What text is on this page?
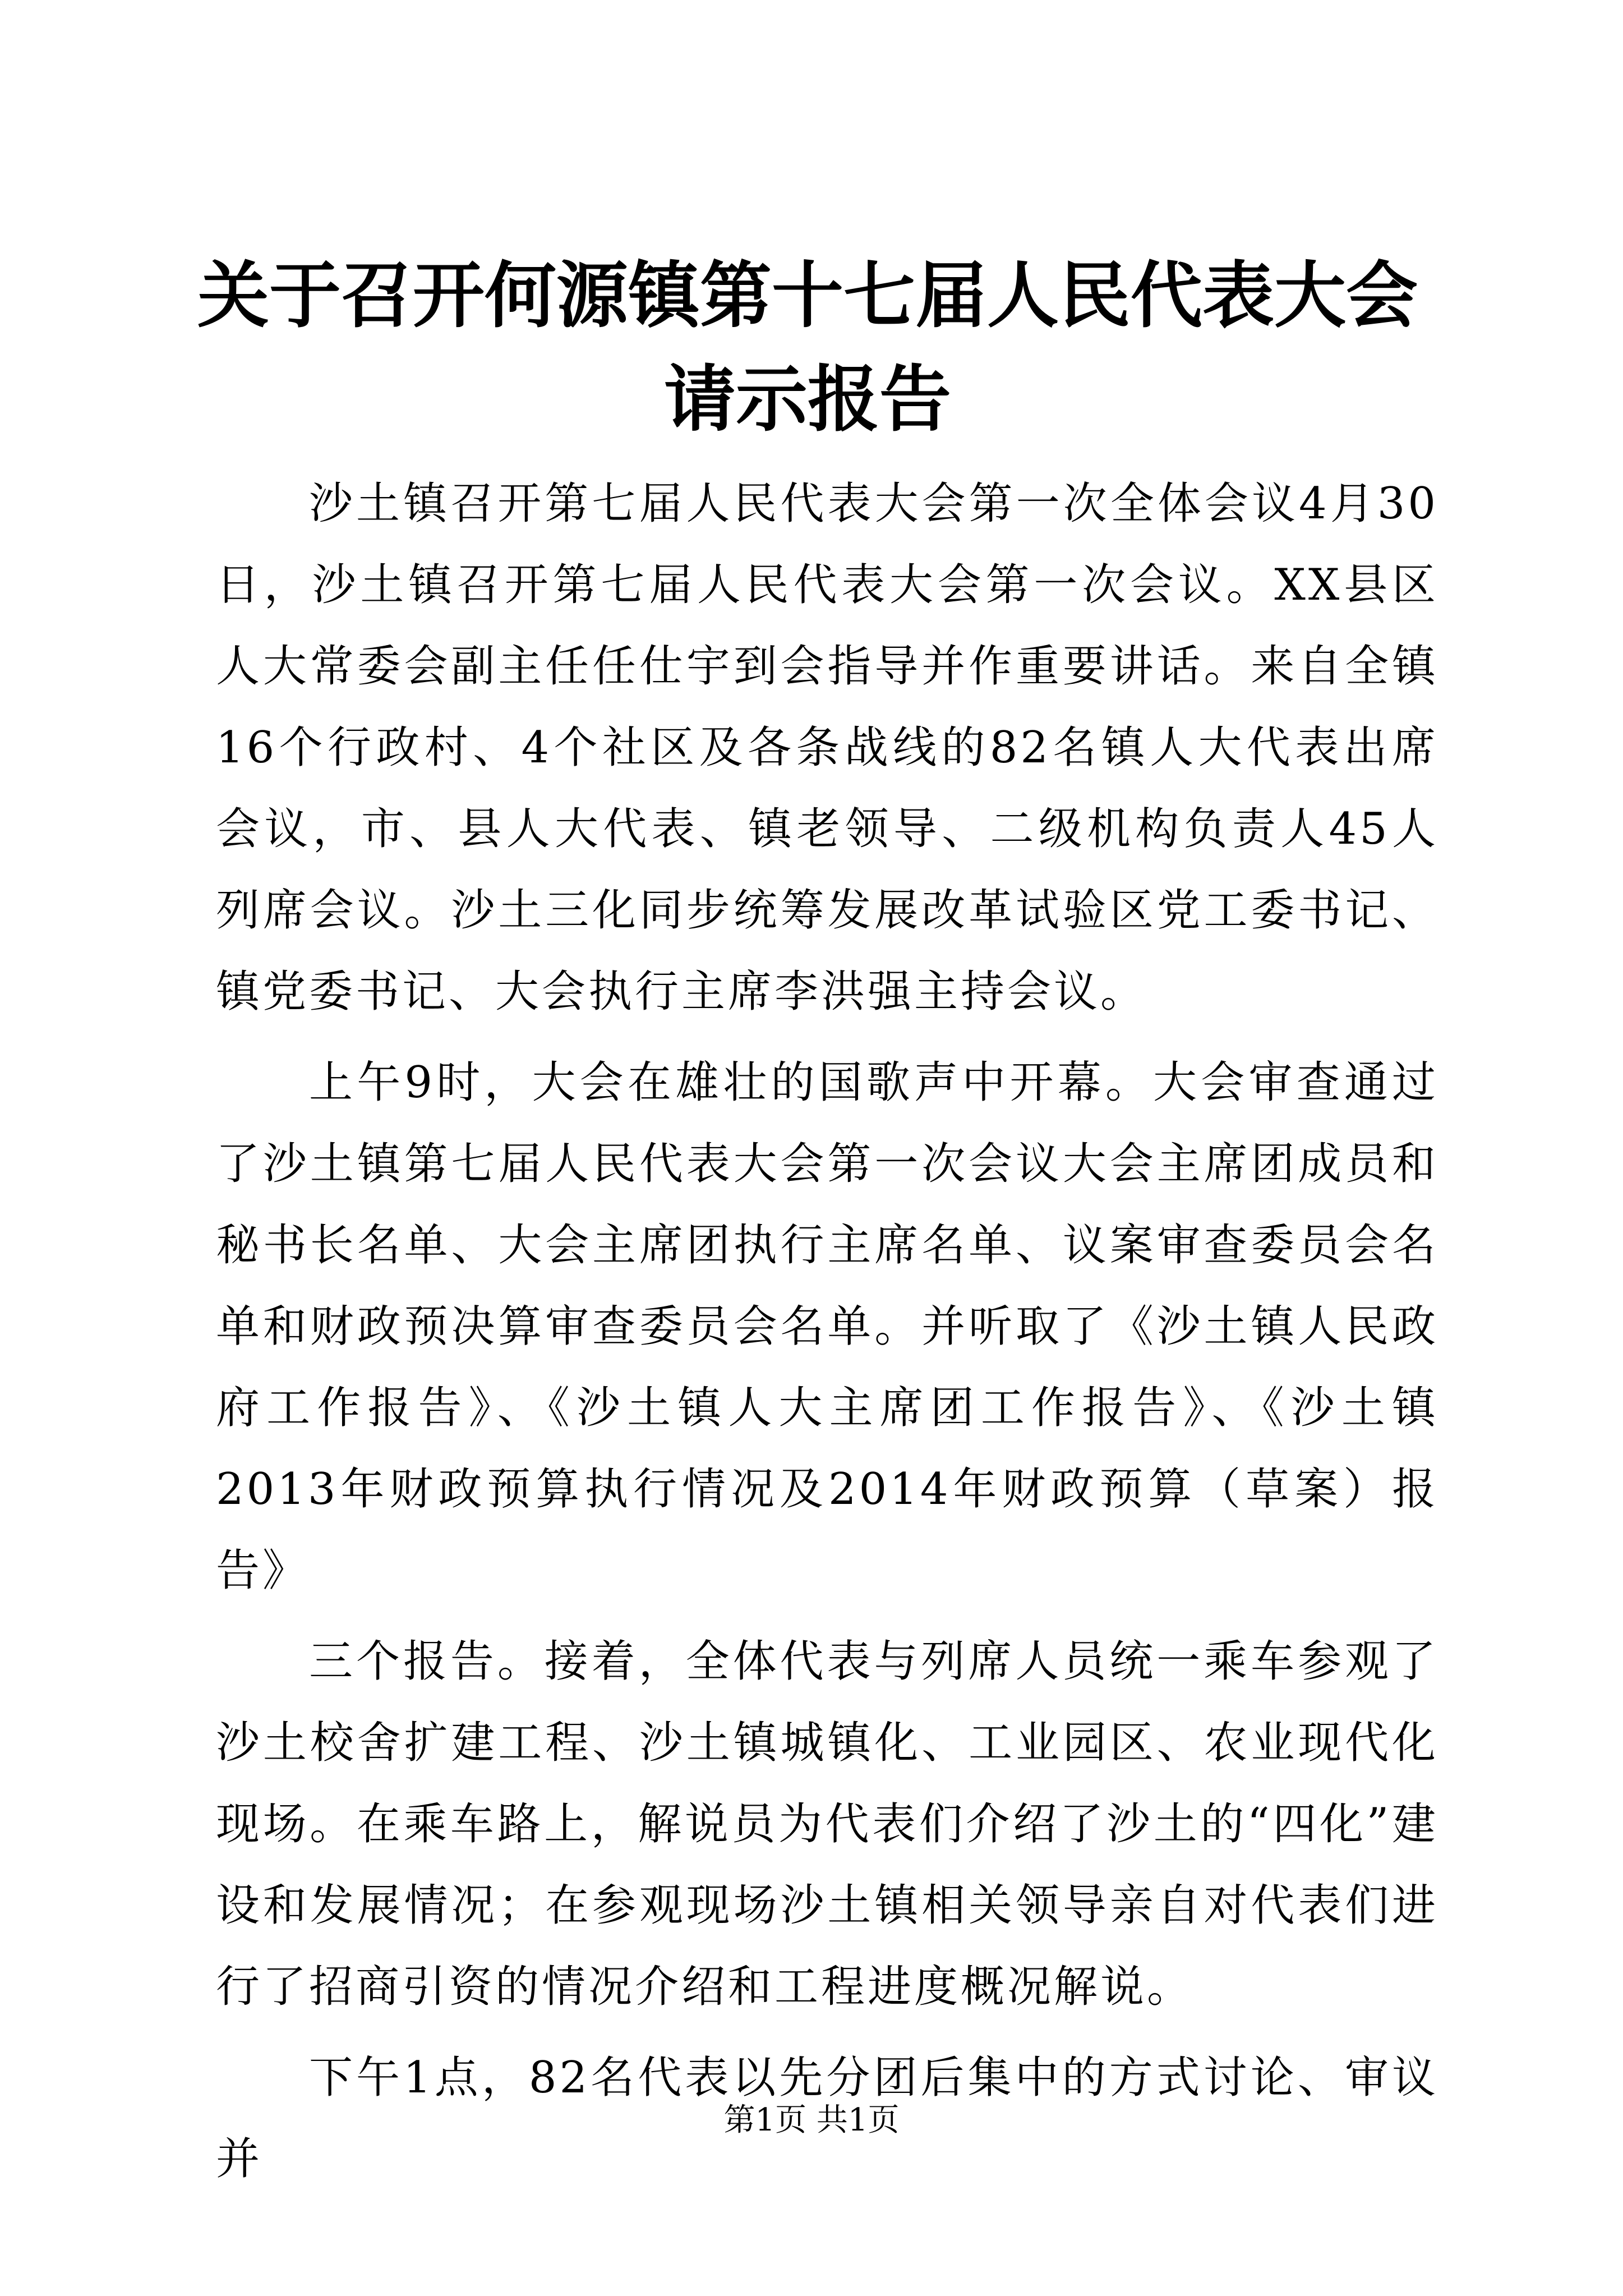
关于召开何源镇第十七届人民代表大会请示报告

沙土镇召开第七届人民代表大会第一次全体会议4月30日，沙土镇召开第七届人民代表大会第一次会议。XX县区人大常委会副主任任仕宇到会指导并作重要讲话。来自全镇16个行政村、4个社区及各条战线的82名镇人大代表出席会议，市、县人大代表、镇老领导、二级机构负责人45人列席会议。沙土三化同步统筹发展改革试验区党工委书记、镇党委书记、大会执行主席李洪强主持会议。

上午9时，大会在雄壮的国歌声中开幕。大会审查通过了沙土镇第七届人民代表大会第一次会议大会主席团成员和秘书长名单、大会主席团执行主席名单、议案审查委员会名单和财政预决算审查委员会名单。并听取了《沙土镇人民政府工作报告》、《沙土镇人大主席团工作报告》、《沙土镇2013年财政预算执行情况及2014年财政预算（草案）报告》

三个报告。接着，全体代表与列席人员统一乘车参观了沙土校舍扩建工程、沙土镇城镇化、工业园区、农业现代化现场。在乘车路上，解说员为代表们介绍了沙土的“四化”建设和发展情况；在参观现场沙土镇相关领导亲自对代表们进行了招商引资的情况介绍和工程进度概况解说。

下午1点，82名代表以先分团后集中的方式讨论、审议并

第1页 共1页
